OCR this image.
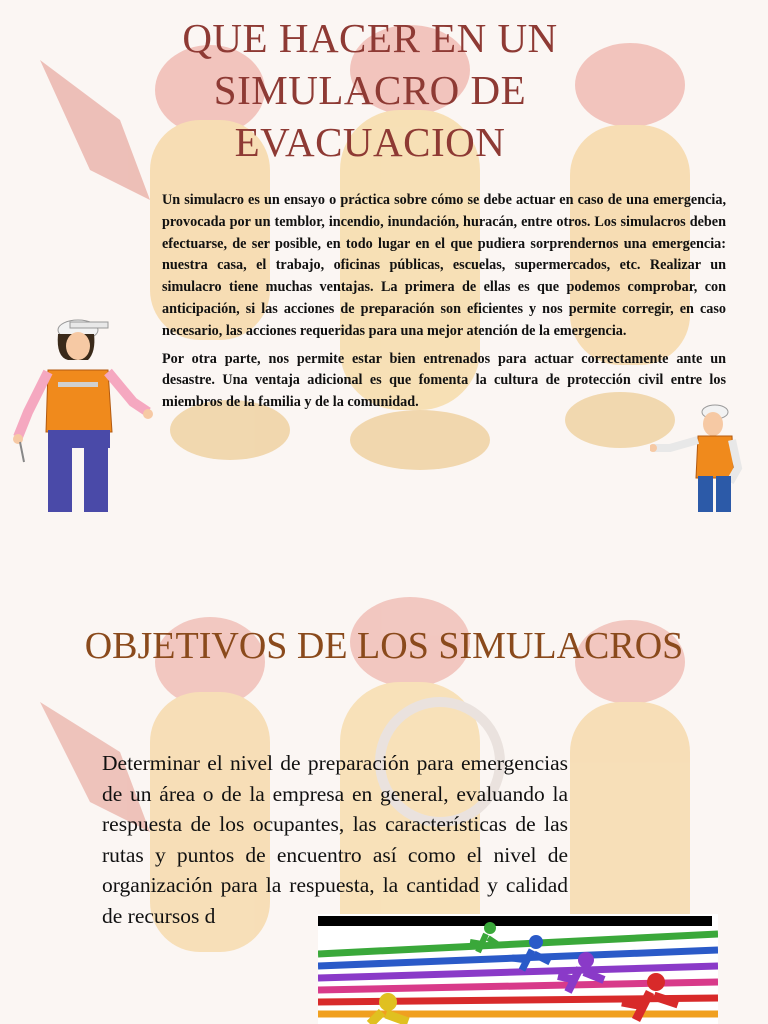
QUE HACER EN UN SIMULACRO DE EVACUACION

Un simulacro es un ensayo o práctica sobre cómo se debe actuar en caso de una emergencia, provocada por un temblor, incendio, inundación, huracán, entre otros. Los simulacros deben efectuarse, de ser posible, en todo lugar en el que pudiera sorprendernos una emergencia: nuestra casa, el trabajo, oficinas públicas, escuelas, supermercados, etc. Realizar un simulacro tiene muchas ventajas. La primera de ellas es que podemos comprobar, con anticipación, si las acciones de preparación son eficientes y nos permite corregir, en caso necesario, las acciones requeridas para una mejor atención de la emergencia.

Por otra parte, nos permite estar bien entrenados para actuar correctamente ante un desastre. Una ventaja adicional es que fomenta la cultura de protección civil entre los miembros de la familia y de la comunidad.

OBJETIVOS DE LOS SIMULACROS

Determinar el nivel de preparación para emergencias de un área o de la empresa en general, evaluando la respuesta de los ocupantes, las características de las rutas y puntos de encuentro así como el nivel de organización para la respuesta, la cantidad y calidad de recursos d
